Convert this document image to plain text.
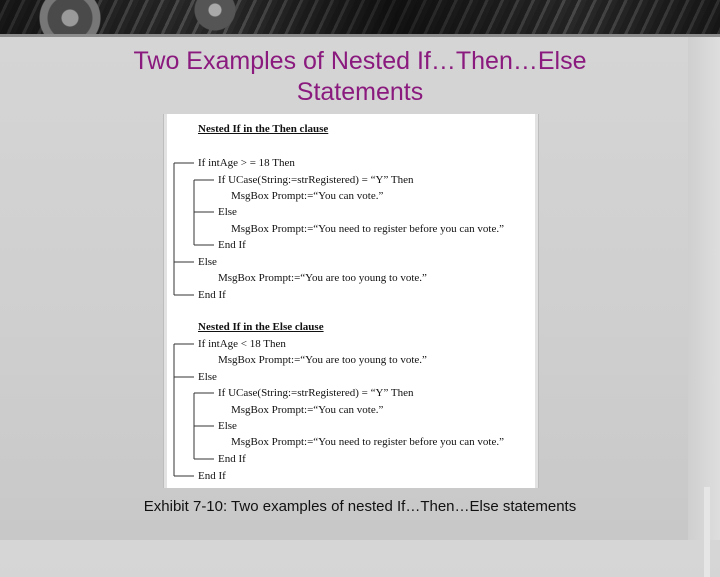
Two Examples of Nested If…Then…Else
Statements
Nested If in the Then clause
If intAge > = 18 Then
If UCase(String:=strRegistered) = “Y” Then
MsgBox Prompt:=“You can vote.”
Else
MsgBox Prompt:=“You need to register before you can vote.”
End If
Else
MsgBox Prompt:=“You are too young to vote.”
End If
Nested If in the Else clause
If intAge < 18 Then
MsgBox Prompt:=“You are too young to vote.”
Else
If UCase(String:=strRegistered) = “Y” Then
MsgBox Prompt:=“You can vote.”
Else
MsgBox Prompt:=“You need to register before you can vote.”
End If
End If
Exhibit 7-10: Two examples of nested If…Then…Else statements
